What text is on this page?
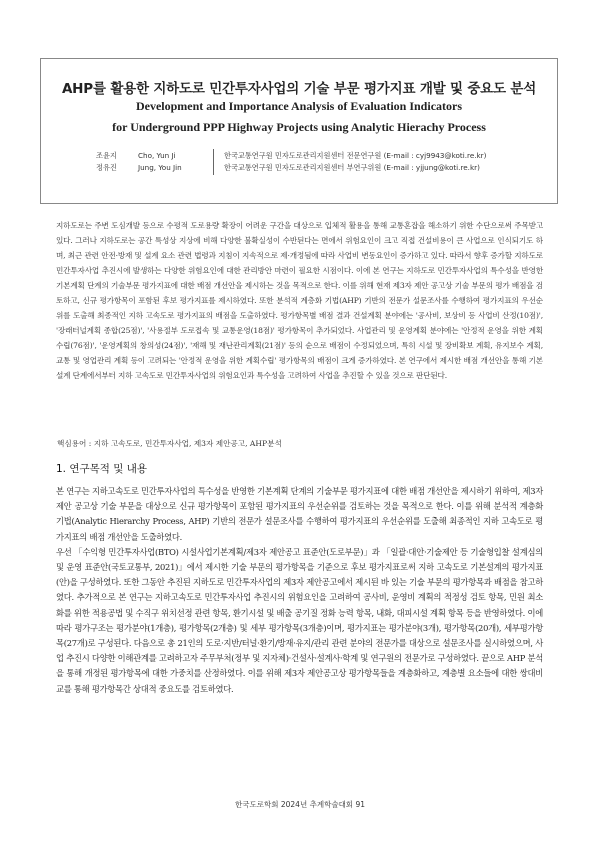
AHP를 활용한 지하도로 민간투자사업의 기술 부문 평가지표 개발 및 중요도 분석
Development and Importance Analysis of Evaluation Indicators
for Underground PPP Highway Projects using Analytic Hierachy Process
조윤지	Cho, Yun Ji	한국교통연구원 민자도로관리지원센터 전문연구원 (E-mail : cyj9943@koti.re.kr)
정유진	Jung, You Jin	한국교통연구원 민자도로관리지원센터 부연구위원 (E-mail : yjjung@koti.re.kr)
지하도로는 주변 도심개발 등으로 수평적 도로용량 확장이 어려운 구간을 대상으로 입체적 활용을 통해 교통혼잡을 해소하기 위한 수단으로써 주목받고 있다. 그러나 지하도로는 공간 특성상 지상에 비해 다양한 불확실성이 수반된다는 면에서 위험요인이 크고 직접 건설비용이 큰 사업으로 인식되기도 하며, 최근 관련 안전·방재 및 설계 요소 관련 법령과 지침이 지속적으로 제·개정됨에 따라 사업비 변동요인이 증가하고 있다. 따라서 향후 증가할 지하도로 민간투자사업 추진시에 발생하는 다양한 위험요인에 대한 관리방안 마련이 필요한 시점이다. 이에 본 연구는 지하도로 민간투자사업의 특수성을 반영한 기본계획 단계의 기술부문 평가지표에 대한 배점 개선안을 제시하는 것을 목적으로 한다. 이를 위해 현재 제3자 제안 공고상 기술 부문의 평가 배점을 검토하고, 신규 평가항목이 포함된 후보 평가지표를 제시하였다. 또한 분석적 계층화 기법(AHP) 기반의 전문가 설문조사를 수행하여 평가지표의 우선순위를 도출해 최종적인 지하 고속도로 평가지표의 배점을 도출하였다. 평가항목별 배점 결과 건설계획 분야에는 '공사비, 보상비 등 사업비 산정(10점)', '장래터널계획 종합(25점)', '사용절부 도로접속 및 교통운영(18점)' 평가항목이 추가되었다. 사업관리 및 운영계획 분야에는 '안정적 운영을 위한 계획수립(76점)', '운영계획의 창의성(24점)', '재해 및 재난관리계획(21점)' 등의 순으로 배점이 수정되었으며, 특히 시설 및 장비확보 계획, 유지보수 계획, 교통 및 영업관리 계획 등이 고려되는 '안정적 운영을 위한 계획수립' 평가항목의 배점이 크게 증가하였다. 본 연구에서 제시한 배점 개선안을 통해 기본설계 단계에서부터 지하 고속도로 민간투자사업의 위험요인과 특수성을 고려하여 사업을 추진할 수 있을 것으로 판단된다.
핵심용어 : 지하 고속도로, 민간투자사업, 제3자 제안공고, AHP분석
1. 연구목적 및 내용

본 연구는 지하고속도로 민간투자사업의 특수성을 반영한 기본계획 단계의 기술부문 평가지표에 대한 배점 개선안을 제시하기 위하여, 제3자 제안 공고상 기술 부문을 대상으로 신규 평가항목이 포함된 평가지표의 우선순위를 검토하는 것을 목적으로 한다. 이를 위해 분석적 계층화 기법(Analytic Hierarchy Process, AHP) 기반의 전문가 설문조사를 수행하여 평가지표의 우선순위를 도출해 최종적인 지하 고속도로 평가지표의 배점 개선안을 도출하였다.

우선 「수익형 민간투자사업(BTO) 시설사업기본계획/제3자 제안공고 표준안(도로부문)」과 「일괄·대안·기술제안 등 기술형입찰 설계심의 및 운영 표준안(국토교통부, 2021)」에서 제시한 기술 부문의 평가항목을 기준으로 후보 평가지표로써 지하 고속도로 기본설계의 평가지표(안)을 구성하였다. 또한 그동안 추진된 지하도로 민간투자사업의 제3자 제안공고에서 제시된 바 있는 기술 부문의 평가항목과 배점을 참고하였다. 추가적으로 본 연구는 지하고속도로 민간투자사업 추진시의 위험요인을 고려하여 공사비, 운영비 계획의 적정성 검토 항목, 민원 최소화를 위한 적용공법 및 수직구 위치선정 관련 항목, 환기시설 및 배출 공기질 정화 능력 항목, 내화, 대피시설 계획 항목 등을 반영하였다. 이에 따라 평가구조는 평가분야(1개층), 평가항목(2개층) 및 세부 평가항목(3개층)이며, 평가지표는 평가분야(3개), 평가항목(20개), 세부평가항목(27개)로 구성된다. 다음으로 총 21인의 도로·지반/터널·환기/방재·유지/관리 관련 분야의 전문가를 대상으로 설문조사를 실시하였으며, 사업 추진시 다양한 이해관계를 고려하고자 주무부처(정부 및 지자체)·건설사·설계사·학계 및 연구원의 전문가로 구성하였다. 끝으로 AHP 분석을 통해 개정된 평가항목에 대한 가중치를 산정하였다. 이를 위해 제3자 제안공고상 평가항목들을 계층화하고, 계층별 요소들에 대한 쌍대비교를 통해 평가항목간 상대적 중요도를 검토하였다.

한국도로학회 2024년 추계학술대회 91
